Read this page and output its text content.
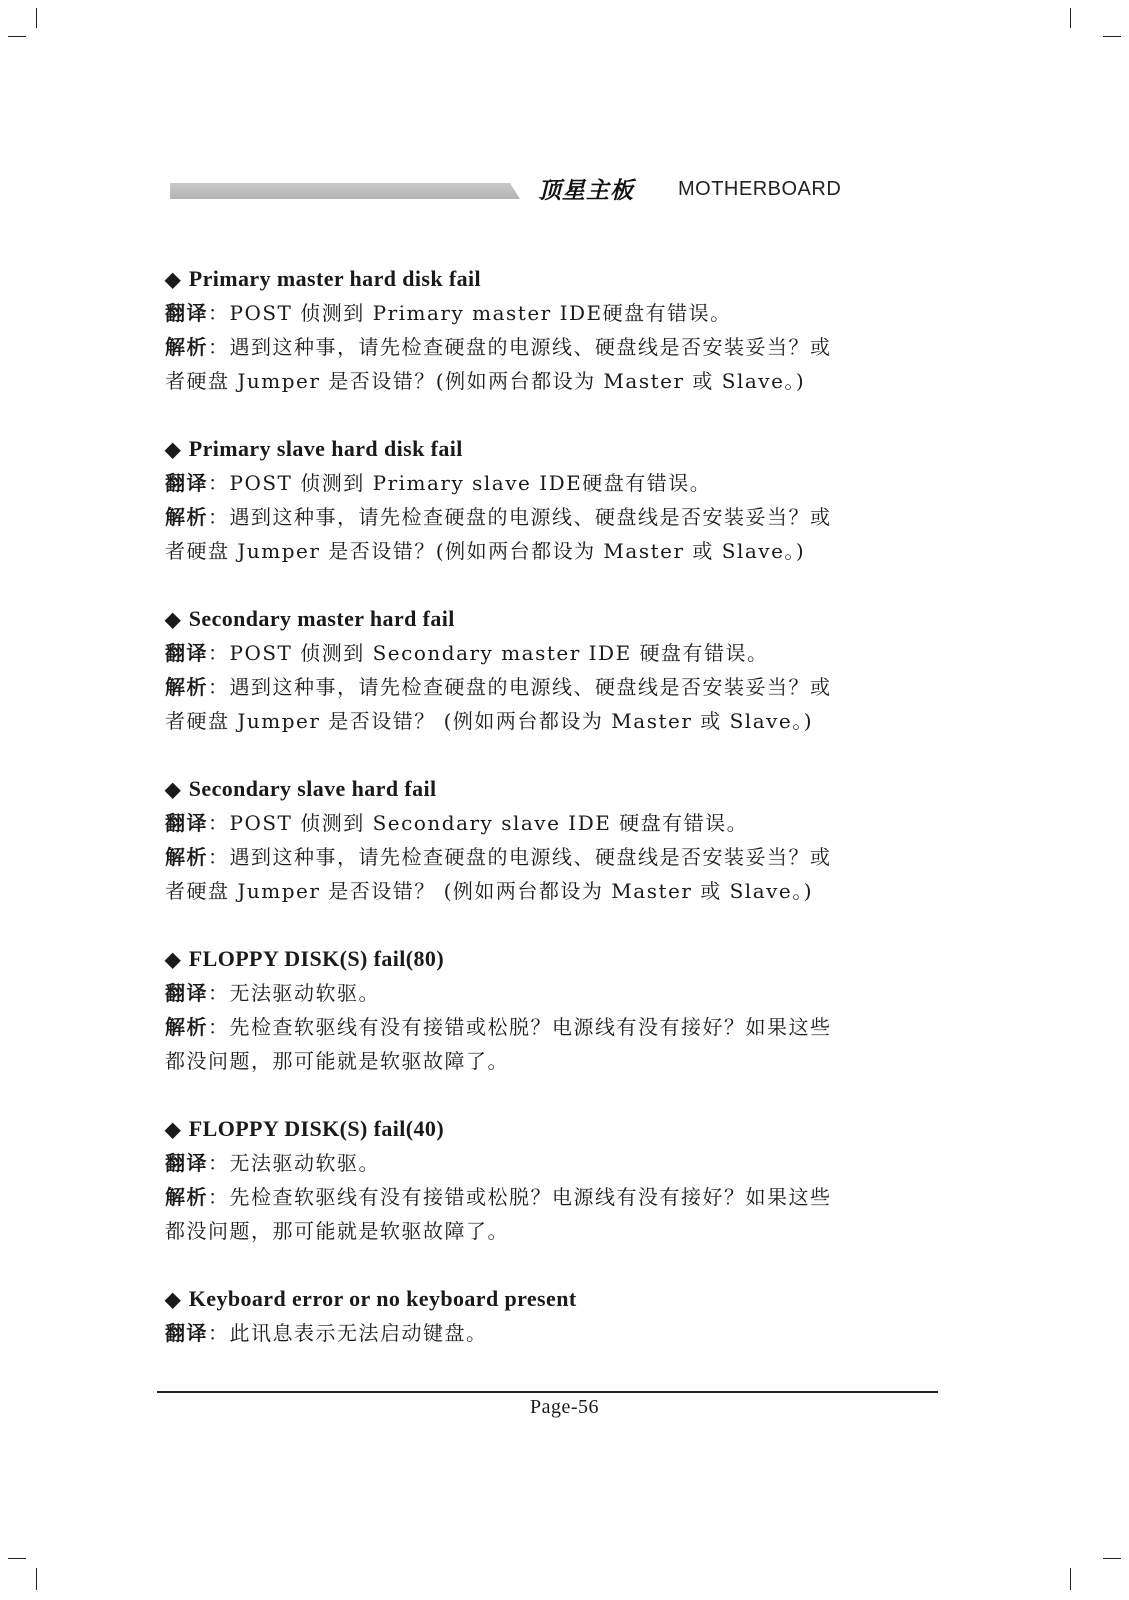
顶星主板 MOTHERBOARD
◆ Primary master hard disk fail
翻译：POST 侦测到 Primary master IDE硬盘有错误。
解析：遇到这种事，请先检查硬盘的电源线、硬盘线是否安装妥当？或
者硬盘 Jumper 是否设错？(例如两台都设为 Master 或 Slave。)
◆ Primary slave hard disk fail
翻译：POST 侦测到 Primary slave IDE硬盘有错误。
解析：遇到这种事，请先检查硬盘的电源线、硬盘线是否安装妥当？或
者硬盘 Jumper 是否设错？(例如两台都设为 Master 或 Slave。)
◆ Secondary master hard fail
翻译：POST 侦测到 Secondary master IDE 硬盘有错误。
解析：遇到这种事，请先检查硬盘的电源线、硬盘线是否安装妥当？或
者硬盘 Jumper 是否设错？ (例如两台都设为 Master 或 Slave。)
◆ Secondary slave hard fail
翻译：POST 侦测到 Secondary slave IDE 硬盘有错误。
解析：遇到这种事，请先检查硬盘的电源线、硬盘线是否安装妥当？或
者硬盘 Jumper 是否设错？ (例如两台都设为 Master 或 Slave。)
◆ FLOPPY DISK(S) fail(80)
翻译：无法驱动软驱。
解析：先检查软驱线有没有接错或松脱？电源线有没有接好？如果这些
都没问题，那可能就是软驱故障了。
◆ FLOPPY DISK(S) fail(40)
翻译：无法驱动软驱。
解析：先检查软驱线有没有接错或松脱？电源线有没有接好？如果这些
都没问题，那可能就是软驱故障了。
◆ Keyboard error or no keyboard present
翻译：此讯息表示无法启动键盘。
Page-56
